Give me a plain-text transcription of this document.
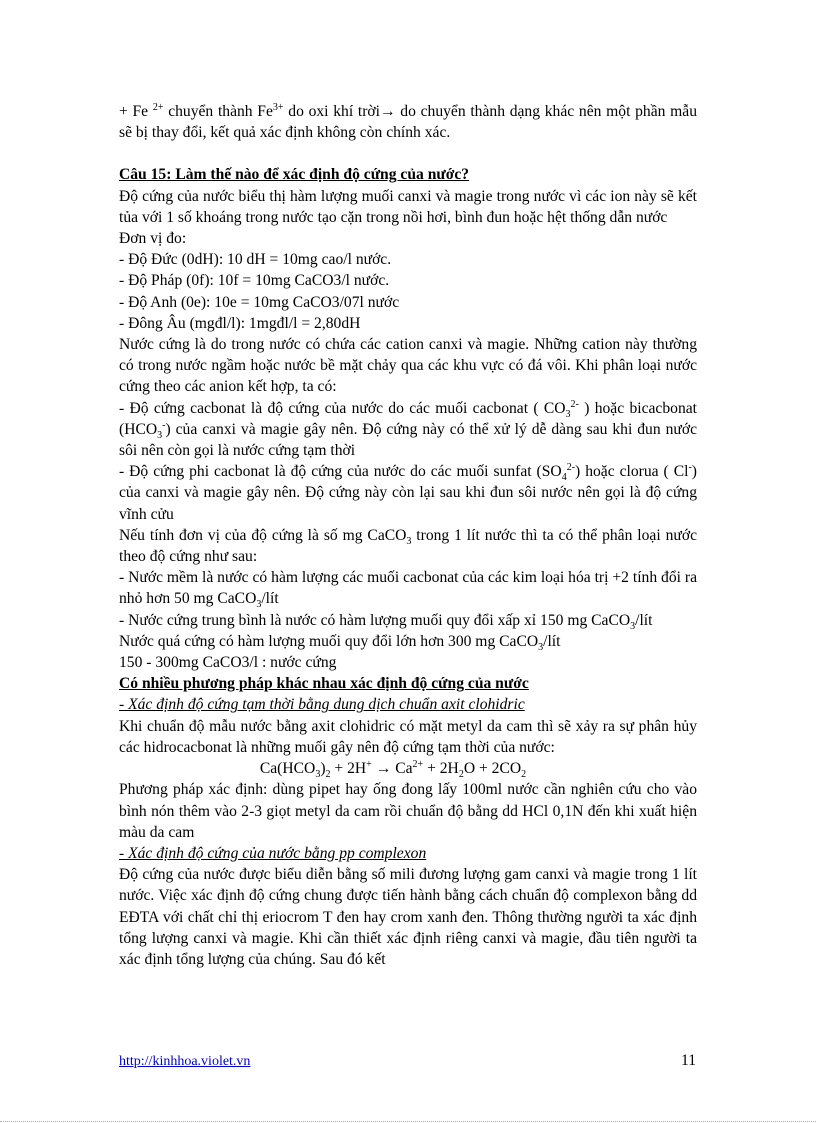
+ Fe $^{2+}$ chuyển thành $Fe^{3+}$ do oxi khí trời→ do chuyển thành dạng khác nên một phần mẫu sẽ bị thay đổi, kết quả xác định không còn chính xác.

Câu 15: Làm thế nào để xác định độ cứng của nước?

Độ cứng của nước biểu thị hàm lượng muối canxi và magie trong nước vì các ion này sẽ kết tủa với 1 số khoáng trong nước tạo cặn trong nồi hơi, bình đun hoặc hệt thống dẫn nước

Đơn vị đo:

- Độ Đức (0dH): 10 dH = 10mg cao/l nước.

- Độ Pháp (0f): 10f = 10mg CaCO3/l nước.

- Độ Anh (0e): 10e = 10mg CaCO3/07l nước

- Đông Âu (mgđl/l): 1mgđl/l = 2,80dH

Nước cứng là do trong nước có chứa các cation canxi và magie. Những cation này thường có trong nước ngầm hoặc nước bề mặt chảy qua các khu vực có đá vôi. Khi phân loại nước cứng theo các anion kết hợp, ta có:

- Độ cứng cacbonat là độ cứng của nước do các muối cacbonat ( $CO_3^{2-}$ ) hoặc bicacbonat $(HCO_3^-)$ của canxi và magie gây nên. Độ cứng này có thể xử lý dễ dàng sau khi đun nước sôi nên còn gọi là nước cứng tạm thời

- Độ cứng phi cacbonat là độ cứng của nước do các muối sunfat $(SO_4^{2-})$ hoặc clorua ( Cl-) của canxi và magie gây nên. Độ cứng này còn lại sau khi đun sôi nước nên gọi là độ cứng vĩnh cửu

Nếu tính đơn vị của độ cứng là số mg CaCO$_3$ trong 1 lít nước thì ta có thể phân loại nước theo độ cứng như sau:

- Nước mềm là nước có hàm lượng các muối cacbonat của các kim loại hóa trị +2 tính đổi ra nhỏ hơn 50 mg CaCO$_3$/lít

- Nước cứng trung bình là nước có hàm lượng muối quy đổi xấp xỉ 150 mg CaCO$_3$/lít

Nước quá cứng có hàm lượng muối quy đổi lớn hơn 300 mg CaCO$_3$/lít

150 - 300mg CaCO3/l : nước cứng

Có nhiều phương pháp khác nhau xác định độ cứng của nước

- Xác định độ cứng tạm thời bằng dung dịch chuẩn axit clohidric

Khi chuẩn độ mẫu nước bằng axit clohidric có mặt metyl da cam thì sẽ xảy ra sự phân hủy các hidrocacbonat là những muối gây nên độ cứng tạm thời của nước:

$Ca(HCO_3)_2 + 2H^+ \to Ca^{2+} + 2H_2O + 2CO_2$

Phương pháp xác định: dùng pipet hay ống đong lấy 100ml nước cần nghiên cứu cho vào bình nón thêm vào 2-3 giọt metyl da cam rồi chuẩn độ bằng dd HCl 0,1N đến khi xuất hiện màu da cam

- Xác định độ cứng của nước bằng pp complexon

Độ cứng của nước được biểu diễn bằng số mili đương lượng gam canxi và magie trong 1 lít nước. Việc xác định độ cứng chung được tiến hành bằng cách chuẩn độ complexon bằng dd EĐTA với chất chỉ thị eriocrom T đen hay crom xanh đen. Thông thường người ta xác định tổng lượng canxi và magie. Khi cần thiết xác định riêng canxi và magie, đầu tiên người ta xác định tổng lượng của chúng. Sau đó kết

http://kinhhoa.violet.vn	11
